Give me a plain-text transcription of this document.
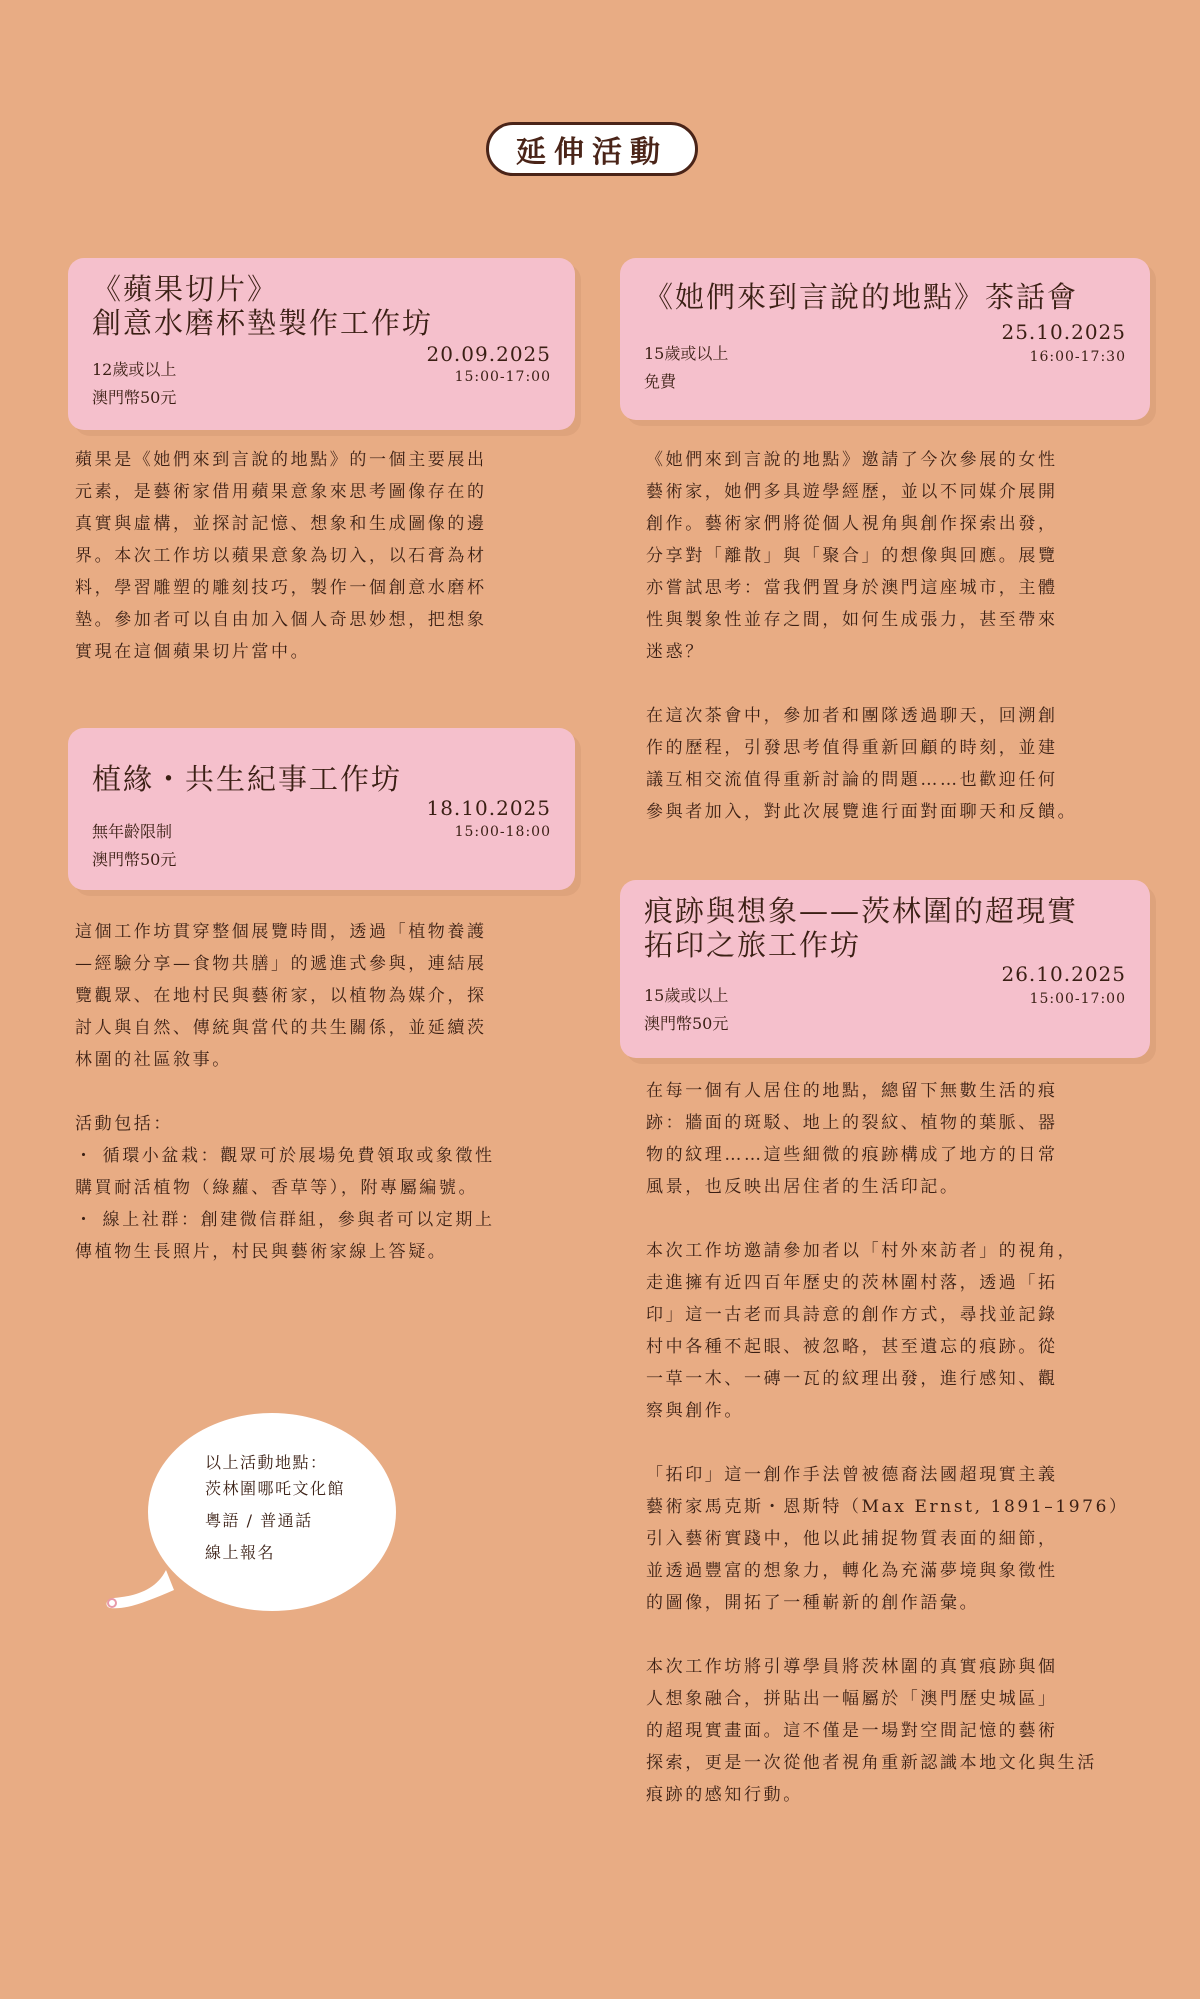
延伸活動
《蘋果切片》
創意水磨杯墊製作工作坊
20.09.2025
15:00-17:00
12歲或以上
澳門幣50元
蘋果是《她們來到言說的地點》的一個主要展出
元素，是藝術家借用蘋果意象來思考圖像存在的
真實與虛構，並探討記憶、想象和生成圖像的邊
界。本次工作坊以蘋果意象為切入，以石膏為材
料，學習雕塑的雕刻技巧，製作一個創意水磨杯
墊。參加者可以自由加入個人奇思妙想，把想象
實現在這個蘋果切片當中。
植緣・共生紀事工作坊
18.10.2025
15:00-18:00
無年齡限制
澳門幣50元
這個工作坊貫穿整個展覽時間，透過「植物養護
—經驗分享—食物共膳」的遞進式參與，連結展
覽觀眾、在地村民與藝術家，以植物為媒介，探
討人與自然、傳統與當代的共生關係，並延續茨
林圍的社區敘事。

活動包括：
・ 循環小盆栽：觀眾可於展場免費領取或象徵性
購買耐活植物（綠蘿、香草等），附專屬編號。
・ 線上社群：創建微信群組，參與者可以定期上
傳植物生長照片，村民與藝術家線上答疑。
《她們來到言說的地點》茶話會
25.10.2025
16:00-17:30
15歲或以上
免費
《她們來到言說的地點》邀請了今次參展的女性
藝術家，她們多具遊學經歷，並以不同媒介展開
創作。藝術家們將從個人視角與創作探索出發，
分享對「離散」與「聚合」的想像與回應。展覽
亦嘗試思考：當我們置身於澳門這座城市，主體
性與製象性並存之間，如何生成張力，甚至帶來
迷惑？

在這次茶會中，參加者和團隊透過聊天，回溯創
作的歷程，引發思考值得重新回顧的時刻，並建
議互相交流值得重新討論的問題……也歡迎任何
參與者加入，對此次展覽進行面對面聊天和反饋。
痕跡與想象——茨林圍的超現實
拓印之旅工作坊
26.10.2025
15:00-17:00
15歲或以上
澳門幣50元
在每一個有人居住的地點，總留下無數生活的痕
跡：牆面的斑駁、地上的裂紋、植物的葉脈、器
物的紋理……這些細微的痕跡構成了地方的日常
風景，也反映出居住者的生活印記。

本次工作坊邀請參加者以「村外來訪者」的視角，
走進擁有近四百年歷史的茨林圍村落，透過「拓
印」這一古老而具詩意的創作方式，尋找並記錄
村中各種不起眼、被忽略，甚至遺忘的痕跡。從
一草一木、一磚一瓦的紋理出發，進行感知、觀
察與創作。

「拓印」這一創作手法曾被德裔法國超現實主義
藝術家馬克斯・恩斯特（Max Ernst, 1891–1976）
引入藝術實踐中，他以此捕捉物質表面的細節，
並透過豐富的想象力，轉化為充滿夢境與象徵性
的圖像，開拓了一種嶄新的創作語彙。

本次工作坊將引導學員將茨林圍的真實痕跡與個
人想象融合，拼貼出一幅屬於「澳門歷史城區」
的超現實畫面。這不僅是一場對空間記憶的藝術
探索，更是一次從他者視角重新認識本地文化與生活
痕跡的感知行動。
以上活動地點：
茨林圍哪吒文化館
粵語 / 普通話
線上報名
